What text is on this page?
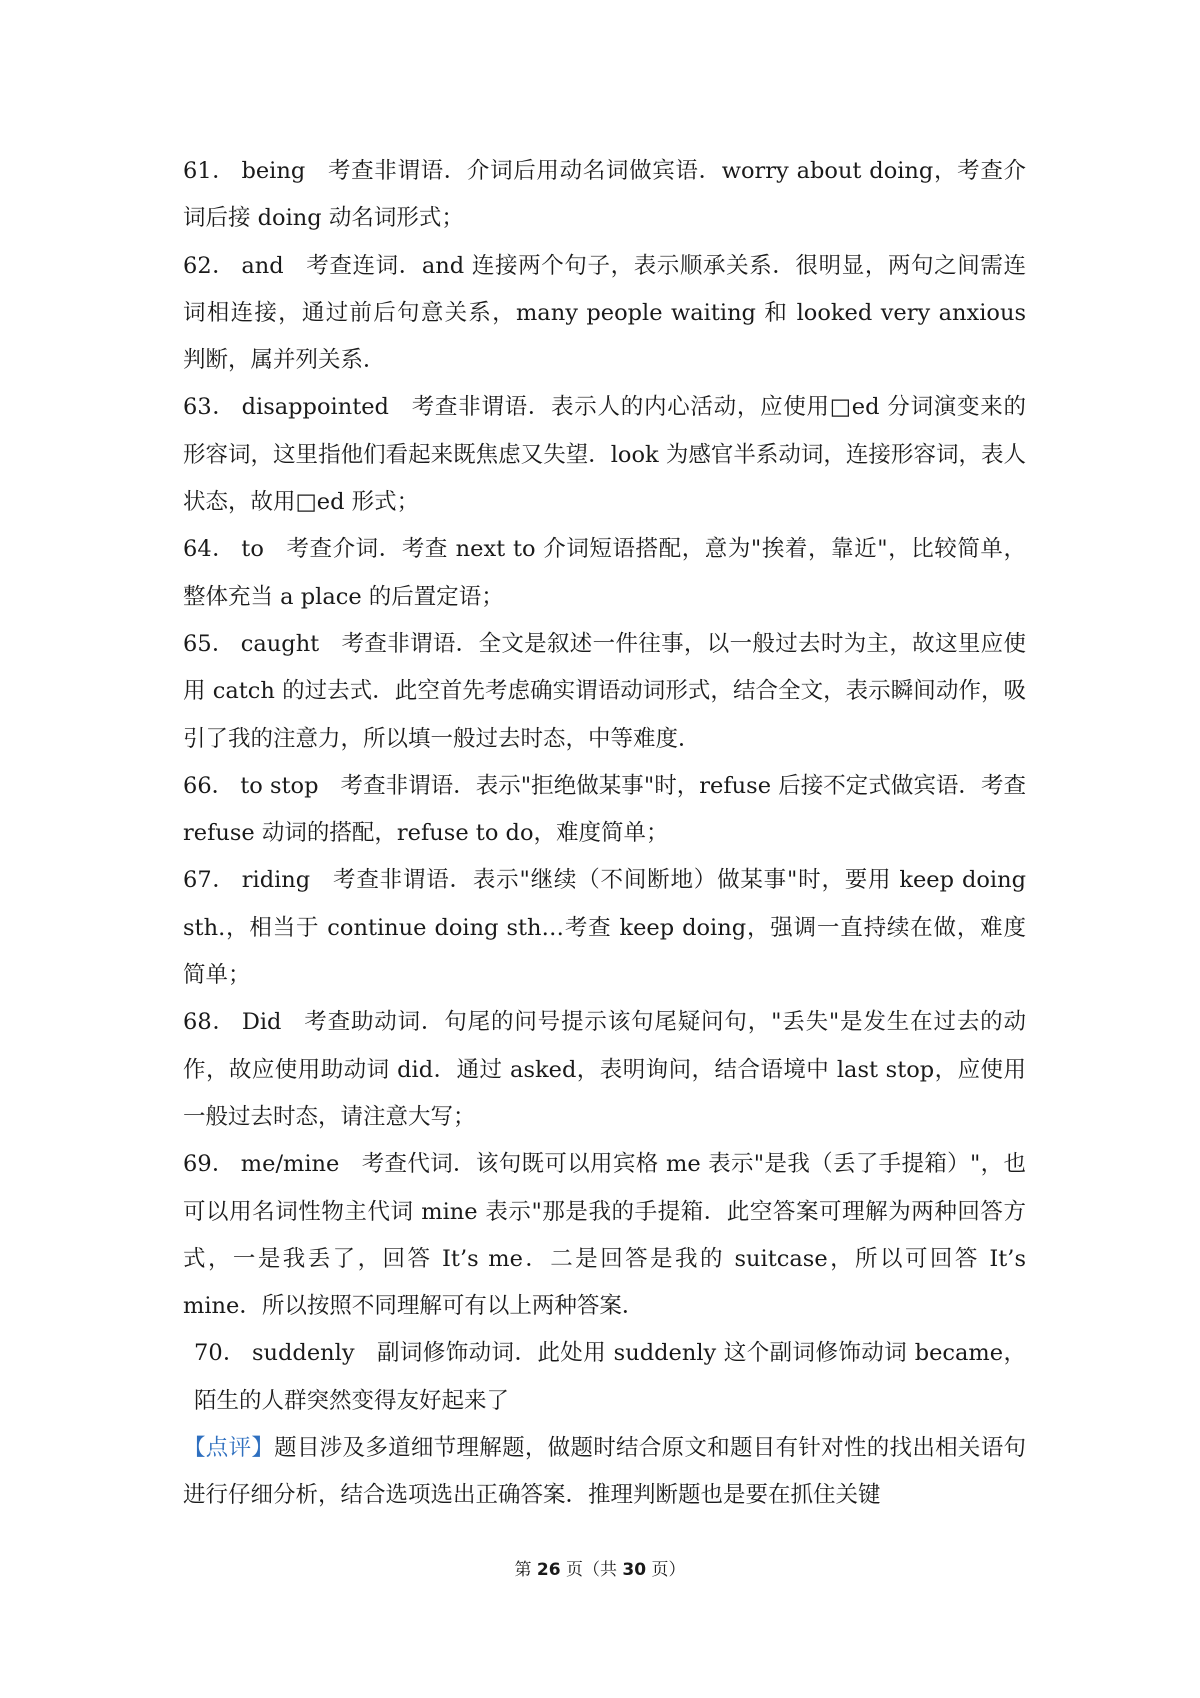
61． being 考查非谓语．介词后用动名词做宾语．worry about doing，考查介词后接 doing 动名词形式；

62． and 考查连词．and 连接两个句子，表示顺承关系．很明显，两句之间需连词相连接，通过前后句意关系，many people waiting 和 looked very anxious 判断，属并列关系．

63． disappointed 考查非谓语．表示人的内心活动，应使用□ed 分词演变来的形容词，这里指他们看起来既焦虑又失望．look 为感官半系动词，连接形容词，表人状态，故用□ed 形式；

64． to 考查介词．考查 next to 介词短语搭配，意为"挨着，靠近"，比较简单，整体充当 a place 的后置定语；

65． caught 考查非谓语．全文是叙述一件往事，以一般过去时为主，故这里应使用 catch 的过去式．此空首先考虑确实谓语动词形式，结合全文，表示瞬间动作，吸引了我的注意力，所以填一般过去时态，中等难度．

66． to stop 考查非谓语．表示"拒绝做某事"时，refuse 后接不定式做宾语．考查 refuse 动词的搭配，refuse to do，难度简单；

67． riding 考查非谓语．表示"继续（不间断地）做某事"时，要用 keep doing sth.，相当于 continue doing sth…考查 keep doing，强调一直持续在做，难度简单；

68． Did 考查助动词．句尾的问号提示该句尾疑问句，"丢失"是发生在过去的动作，故应使用助动词 did．通过 asked，表明询问，结合语境中 last stop，应使用一般过去时态，请注意大写；

69． me/mine 考查代词．该句既可以用宾格 me 表示"是我（丢了手提箱）"，也可以用名词性物主代词 mine 表示"那是我的手提箱．此空答案可理解为两种回答方式，一是我丢了，回答 It’s me．二是回答是我的 suitcase，所以可回答 It’s mine．所以按照不同理解可有以上两种答案．

70． suddenly 副词修饰动词．此处用 suddenly 这个副词修饰动词 became，陌生的人群突然变得友好起来了

【点评】题目涉及多道细节理解题，做题时结合原文和题目有针对性的找出相关语句进行仔细分析，结合选项选出正确答案．推理判断题也是要在抓住关键

第 26 页（共 30 页）
